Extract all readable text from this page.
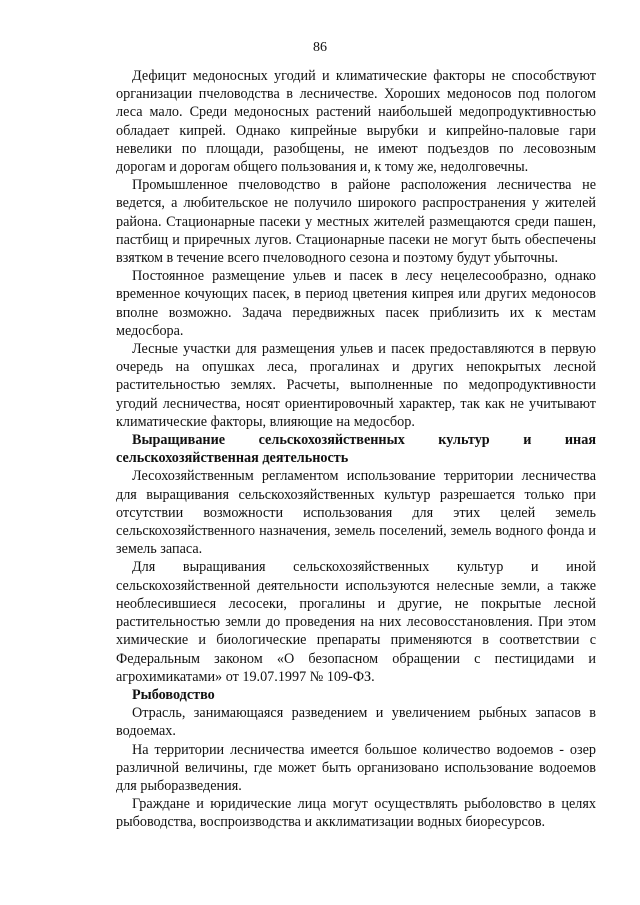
86

Дефицит медоносных угодий и климатические факторы не способствуют организации пчеловодства в лесничестве. Хороших медоносов под пологом леса мало. Среди медоносных растений наибольшей медопродуктивностью обладает кипрей. Однако кипрейные вырубки и кипрейно-паловые гари невелики по площади, разобщены, не имеют подъездов по лесовозным дорогам и дорогам общего пользования и, к тому же, недолговечны.

Промышленное пчеловодство в районе расположения лесничества не ведется, а любительское не получило широкого распространения у жителей района. Стационарные пасеки у местных жителей размещаются среди пашен, пастбищ и приречных лугов. Стационарные пасеки не могут быть обеспечены взятком в течение всего пчеловодного сезона и поэтому будут убыточны.

Постоянное размещение ульев и пасек в лесу нецелесообразно, однако временное кочующих пасек, в период цветения кипрея или других медоносов вполне возможно. Задача передвижных пасек приблизить их к местам медосбора.

Лесные участки для размещения ульев и пасек предоставляются в первую очередь на опушках леса, прогалинах и других непокрытых лесной растительностью землях. Расчеты, выполненные по медопродуктивности угодий лесничества, носят ориентировочный характер, так как не учитывают климатические факторы, влияющие на медосбор.

Выращивание сельскохозяйственных культур и иная сельскохозяйственная деятельность

Лесохозяйственным регламентом использование территории лесничества для выращивания сельскохозяйственных культур разрешается только при отсутствии возможности использования для этих целей земель сельскохозяйственного назначения, земель поселений, земель водного фонда и земель запаса.

Для выращивания сельскохозяйственных культур и иной сельскохозяйственной деятельности используются нелесные земли, а также необлесившиеся лесосеки, прогалины и другие, не покрытые лесной растительностью земли до проведения на них лесовосстановления. При этом химические и биологические препараты применяются в соответствии с Федеральным законом «О безопасном обращении с пестицидами и агрохимикатами» от 19.07.1997 № 109-ФЗ.

Рыбоводство

Отрасль, занимающаяся разведением и увеличением рыбных запасов в водоемах.

На территории лесничества имеется большое количество водоемов - озер различной величины, где может быть организовано использование водоемов для рыборазведения.

Граждане и юридические лица могут осуществлять рыболовство в целях рыбоводства, воспроизводства и акклиматизации водных биоресурсов.
